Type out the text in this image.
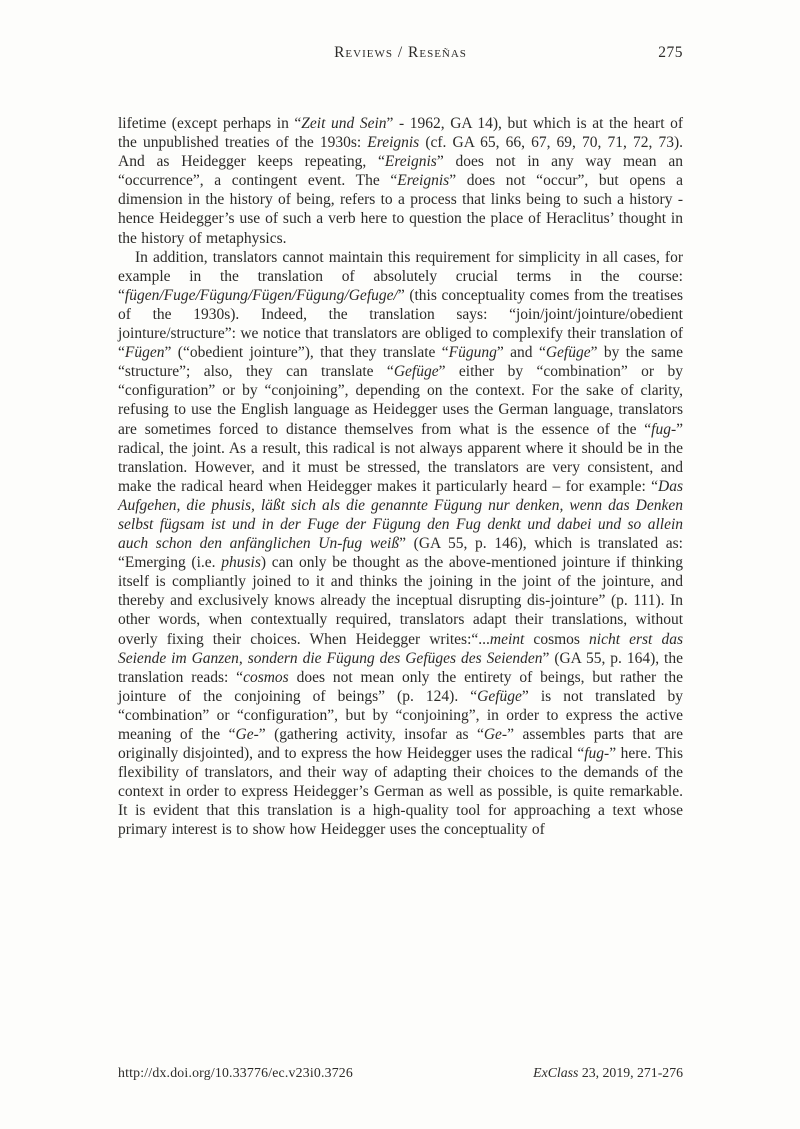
Reviews / Reseñas	275

lifetime (except perhaps in “Zeit und Sein” - 1962, GA 14), but which is at the heart of the unpublished treaties of the 1930s: Ereignis (cf. GA 65, 66, 67, 69, 70, 71, 72, 73). And as Heidegger keeps repeating, “Ereignis” does not in any way mean an “occurrence”, a contingent event. The “Ereignis” does not “occur”, but opens a dimension in the history of being, refers to a process that links being to such a history - hence Heidegger’s use of such a verb here to question the place of Heraclitus’ thought in the history of metaphysics.

In addition, translators cannot maintain this requirement for simplicity in all cases, for example in the translation of absolutely crucial terms in the course: “fügen/Fuge/Fügung/Fügen/Fügung/Gefuge/” (this conceptuality comes from the treatises of the 1930s). Indeed, the translation says: “join/joint/jointure/obedient jointure/structure”: we notice that translators are obliged to complexify their translation of “Fügen” (“obedient jointure”), that they translate “Fügung” and “Gefüge” by the same “structure”; also, they can translate “Gefüge” either by “combination” or by “configuration” or by “conjoining”, depending on the context. For the sake of clarity, refusing to use the English language as Heidegger uses the German language, translators are sometimes forced to distance themselves from what is the essence of the “fug-” radical, the joint. As a result, this radical is not always apparent where it should be in the translation. However, and it must be stressed, the translators are very consistent, and make the radical heard when Heidegger makes it particularly heard – for example: “Das Aufgehen, die phusis, läßt sich als die genannte Fügung nur denken, wenn das Denken selbst fügsam ist und in der Fuge der Fügung den Fug denkt und dabei und so allein auch schon den anfänglichen Un-fug weiß” (GA 55, p. 146), which is translated as: “Emerging (i.e. phusis) can only be thought as the above-mentioned jointure if thinking itself is compliantly joined to it and thinks the joining in the joint of the jointure, and thereby and exclusively knows already the inceptual disrupting dis-jointure” (p. 111). In other words, when contextually required, translators adapt their translations, without overly fixing their choices. When Heidegger writes:“...meint cosmos nicht erst das Seiende im Ganzen, sondern die Fügung des Gefüges des Seienden” (GA 55, p. 164), the translation reads: “cosmos does not mean only the entirety of beings, but rather the jointure of the conjoining of beings” (p. 124). “Gefüge” is not translated by “combination” or “configuration”, but by “conjoining”, in order to express the active meaning of the “Ge-” (gathering activity, insofar as “Ge-” assembles parts that are originally disjointed), and to express the how Heidegger uses the radical “fug-” here. This flexibility of translators, and their way of adapting their choices to the demands of the context in order to express Heidegger’s German as well as possible, is quite remarkable. It is evident that this translation is a high-quality tool for approaching a text whose primary interest is to show how Heidegger uses the conceptuality of

http://dx.doi.org/10.33776/ec.v23i0.3726	ExClass 23, 2019, 271-276
